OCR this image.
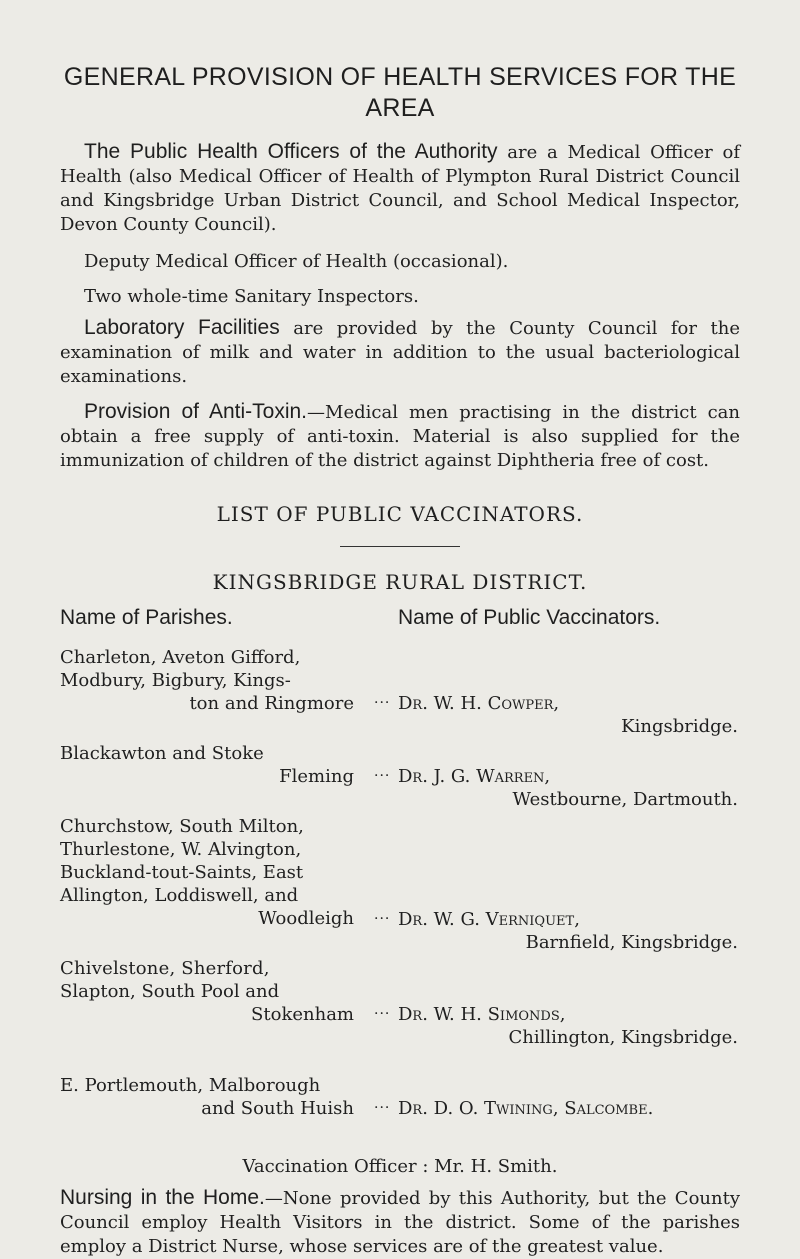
GENERAL PROVISION OF HEALTH SERVICES FOR THE AREA

The Public Health Officers of the Authority are a Medical Officer of Health (also Medical Officer of Health of Plympton Rural District Council and Kingsbridge Urban District Council, and School Medical Inspector, Devon County Council).

Deputy Medical Officer of Health (occasional).

Two whole-time Sanitary Inspectors.

Laboratory Facilities are provided by the County Council for the examination of milk and water in addition to the usual bacteriological examinations.

Provision of Anti-Toxin.—Medical men practising in the district can obtain a free supply of anti-toxin. Material is also supplied for the immunization of children of the district against Diphtheria free of cost.

LIST OF PUBLIC VACCINATORS.
KINGSBRIDGE RURAL DISTRICT.
Name of Parishes.	Name of Public Vaccinators.
Charleton, Aveton Gifford,
Modbury, Bigbury, Kings-
ton and Ringmore	··· Dr. W. H. Cowper,
Kingsbridge.
Blackawton and Stoke
Fleming	··· Dr. J. G. Warren,
Westbourne, Dartmouth.
Churchstow, South Milton,
Thurlestone, W. Alvington,
Buckland-tout-Saints, East
Allington, Loddiswell, and
Woodleigh	··· Dr. W. G. Verniquet,
Barnfield, Kingsbridge.
Chivelstone, Sherford,
Slapton, South Pool and
Stokenham	··· Dr. W. H. Simonds,
Chillington, Kingsbridge.
E. Portlemouth, Malborough
and South Huish	··· Dr. D. O. Twining, Salcombe.
Vaccination Officer : Mr. H. Smith.

Nursing in the Home.—None provided by this Authority, but the County Council employ Health Visitors in the district. Some of the parishes employ a District Nurse, whose services are of the greatest value.
